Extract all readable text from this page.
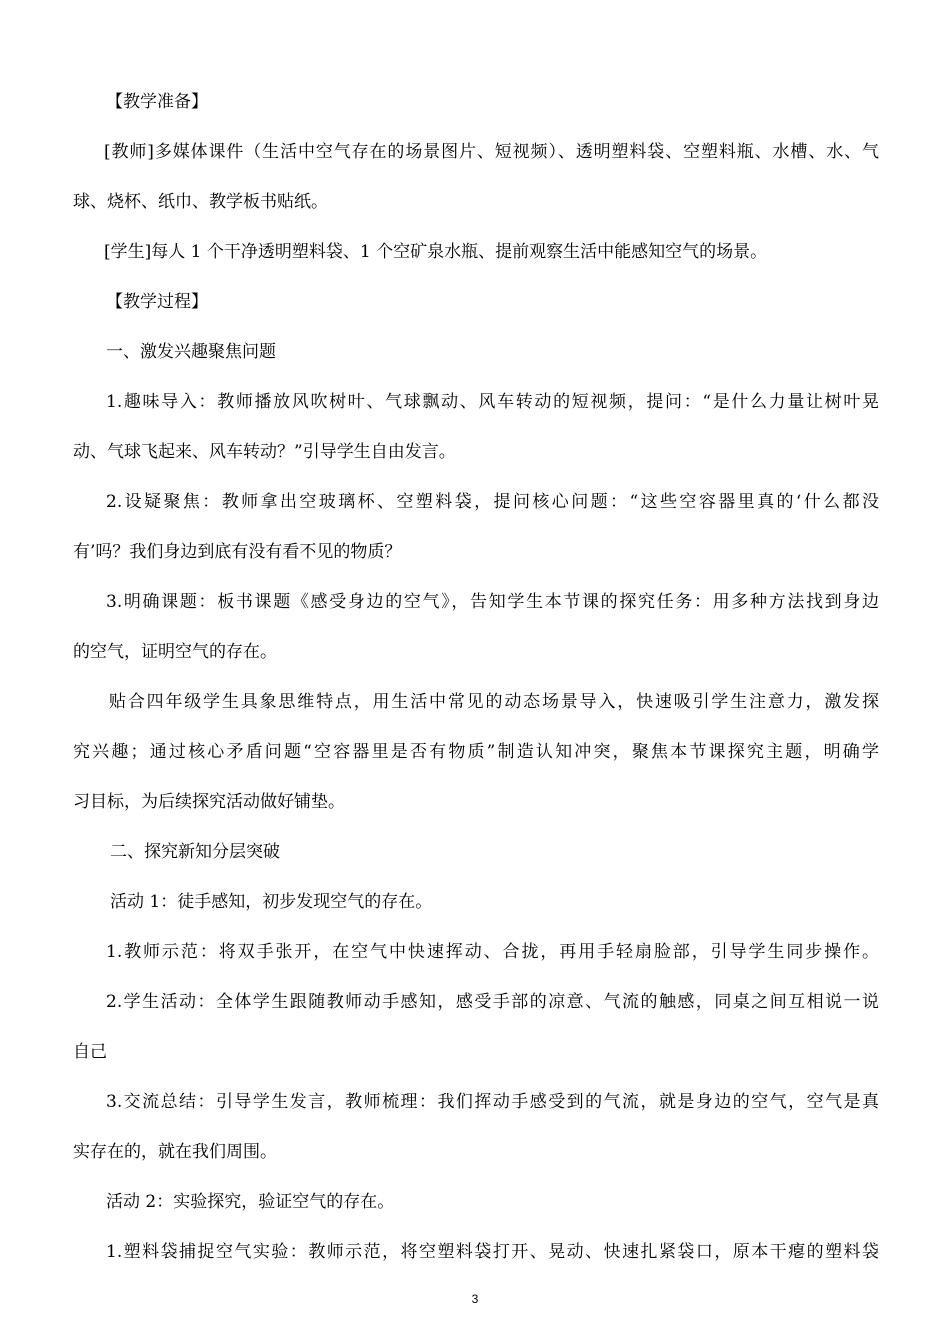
【教学准备】
[教师]多媒体课件（生活中空气存在的场景图片、短视频）、透明塑料袋、空塑料瓶、水槽、水、气
球、烧杯、纸巾、教学板书贴纸。
[学生]每人 1 个干净透明塑料袋、1 个空矿泉水瓶、提前观察生活中能感知空气的场景。
【教学过程】
一、激发兴趣聚焦问题
1.趣味导入：教师播放风吹树叶、气球飘动、风车转动的短视频，提问：“是什么力量让树叶晃
动、气球飞起来、风车转动？”引导学生自由发言。
2.设疑聚焦：教师拿出空玻璃杯、空塑料袋，提问核心问题：“这些空容器里真的‘什么都没
有’吗？我们身边到底有没有看不见的物质？
3.明确课题：板书课题《感受身边的空气》，告知学生本节课的探究任务：用多种方法找到身边
的空气，证明空气的存在。
贴合四年级学生具象思维特点，用生活中常见的动态场景导入，快速吸引学生注意力，激发探
究兴趣；通过核心矛盾问题“空容器里是否有物质”制造认知冲突，聚焦本节课探究主题，明确学
习目标，为后续探究活动做好铺垫。
二、探究新知分层突破
活动 1：徒手感知，初步发现空气的存在。
1.教师示范：将双手张开，在空气中快速挥动、合拢，再用手轻扇脸部，引导学生同步操作。
2.学生活动：全体学生跟随教师动手感知，感受手部的凉意、气流的触感，同桌之间互相说一说
自己
3.交流总结：引导学生发言，教师梳理：我们挥动手感受到的气流，就是身边的空气，空气是真
实存在的，就在我们周围。
活动 2：实验探究，验证空气的存在。
1.塑料袋捕捉空气实验：教师示范，将空塑料袋打开、晃动、快速扎紧袋口，原本干瘪的塑料袋
3
